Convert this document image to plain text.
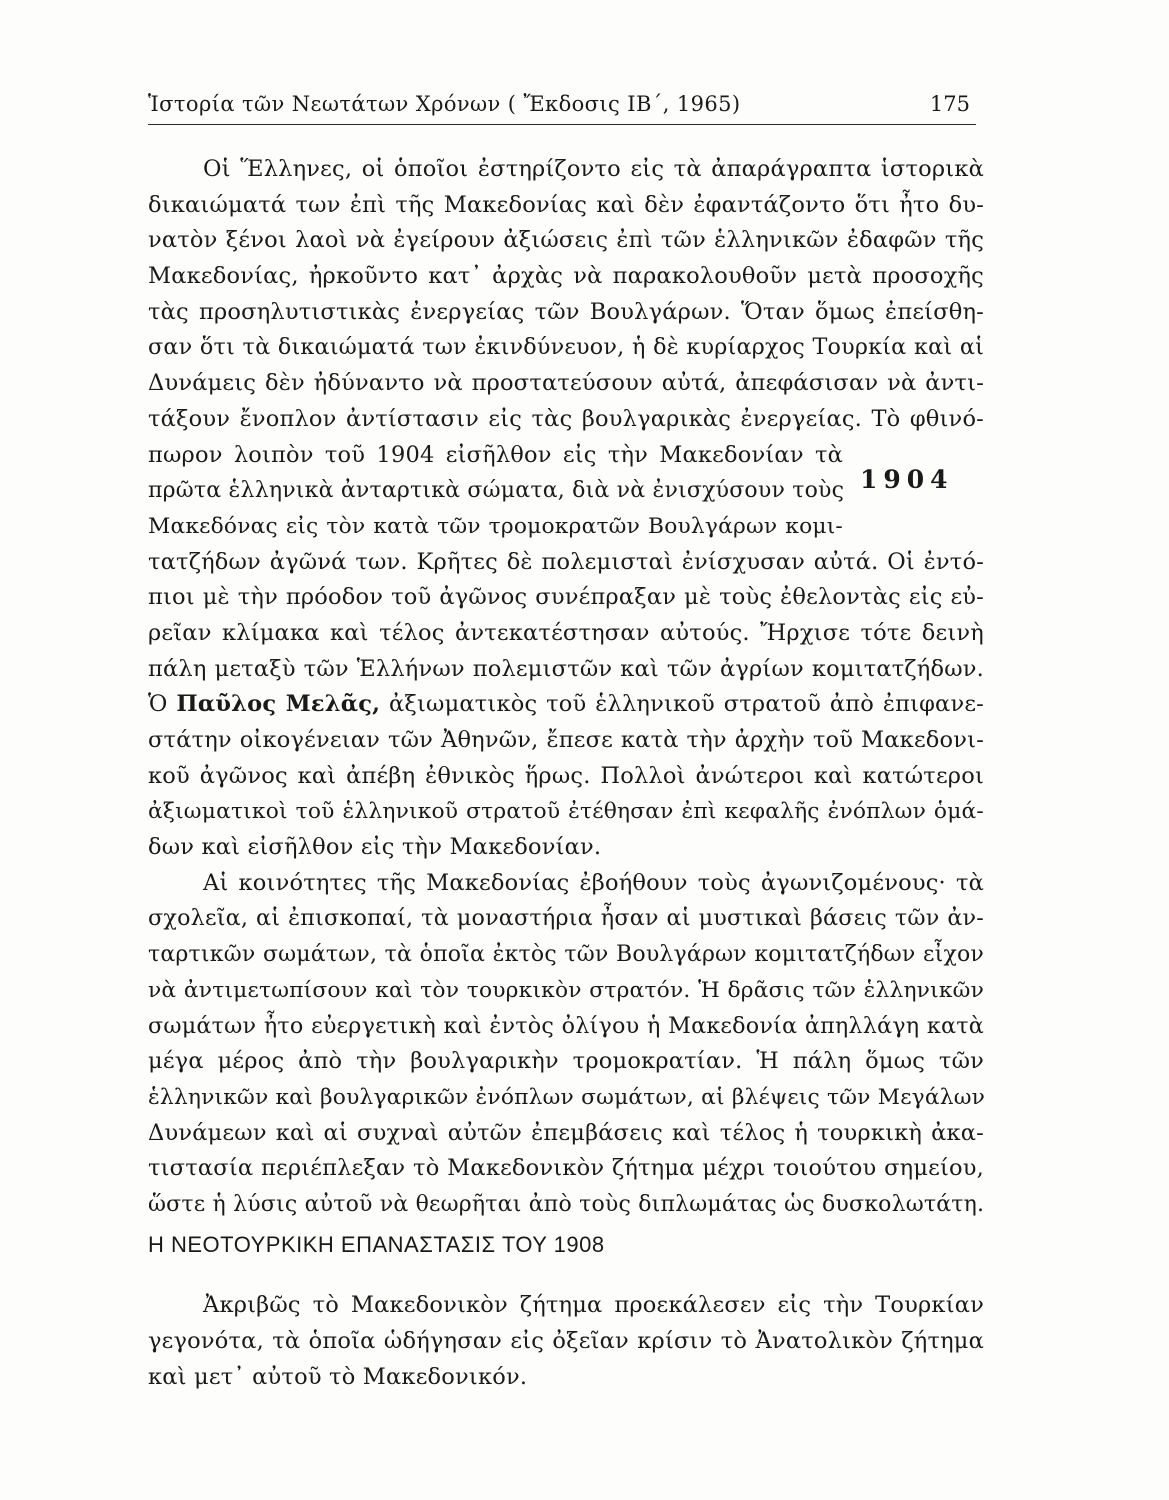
Ἱστορία τῶν Νεωτάτων Χρόνων ( Ἔκδοσις ΙΒ΄, 1965)	175
1904
Οἱ Ἕλληνες, οἱ ὁποῖοι ἐστηρίζοντο εἰς τὰ ἀπαράγραπτα ἱστορικὰ
δικαιώματά των ἐπὶ τῆς Μακεδονίας καὶ δὲν ἐφαντάζοντο ὅτι ἦτο δυ-
νατὸν ξένοι λαοὶ νὰ ἐγείρουν ἀξιώσεις ἐπὶ τῶν ἑλληνικῶν ἐδαφῶν τῆς
Μακεδονίας, ἠρκοῦντο κατ᾽ ἀρχὰς νὰ παρακολουθοῦν μετὰ προσοχῆς
τὰς προσηλυτιστικὰς ἐνεργείας τῶν Βουλγάρων. Ὅταν ὅμως ἐπείσθη-
σαν ὅτι τὰ δικαιώματά των ἐκινδύνευον, ἡ δὲ κυρίαρχος Τουρκία καὶ αἱ
Δυνάμεις δὲν ἠδύναντο νὰ προστατεύσουν αὐτά, ἀπεφάσισαν νὰ ἀντι-
τάξουν ἔνοπλον ἀντίστασιν εἰς τὰς βουλγαρικὰς ἐνεργείας. Τὸ φθινό-
πωρον λοιπὸν τοῦ 1904 εἰσῆλθον εἰς τὴν Μακεδονίαν τὰ
πρῶτα ἑλληνικὰ ἀνταρτικὰ σώματα, διὰ νὰ ἐνισχύσουν τοὺς
Μακεδόνας εἰς τὸν κατὰ τῶν τρομοκρατῶν Βουλγάρων κομι-
τατζήδων ἀγῶνά των. Κρῆτες δὲ πολεμισταὶ ἐνίσχυσαν αὐτά. Οἱ ἐντό-
πιοι μὲ τὴν πρόοδον τοῦ ἀγῶνος συνέπραξαν μὲ τοὺς ἐθελοντὰς εἰς εὐ-
ρεῖαν κλίμακα καὶ τέλος ἀντεκατέστησαν αὐτούς. Ἤρχισε τότε δεινὴ
πάλη μεταξὺ τῶν Ἑλλήνων πολεμιστῶν καὶ τῶν ἀγρίων κομιτατζήδων.
Ὁ Παῦλος Μελᾶς, ἀξιωματικὸς τοῦ ἑλληνικοῦ στρατοῦ ἀπὸ ἐπιφανε-
στάτην οἰκογένειαν τῶν Ἀθηνῶν, ἔπεσε κατὰ τὴν ἀρχὴν τοῦ Μακεδονι-
κοῦ ἀγῶνος καὶ ἀπέβη ἐθνικὸς ἥρως. Πολλοὶ ἀνώτεροι καὶ κατώτεροι
ἀξιωματικοὶ τοῦ ἑλληνικοῦ στρατοῦ ἐτέθησαν ἐπὶ κεφαλῆς ἐνόπλων ὁμά-
δων καὶ εἰσῆλθον εἰς τὴν Μακεδονίαν.
Αἱ κοινότητες τῆς Μακεδονίας ἐβοήθουν τοὺς ἀγωνιζομένους· τὰ
σχολεῖα, αἱ ἐπισκοπαί, τὰ μοναστήρια ἦσαν αἱ μυστικαὶ βάσεις τῶν ἀν-
ταρτικῶν σωμάτων, τὰ ὁποῖα ἐκτὸς τῶν Βουλγάρων κομιτατζήδων εἶχον
νὰ ἀντιμετωπίσουν καὶ τὸν τουρκικὸν στρατόν. Ἡ δρᾶσις τῶν ἑλληνικῶν
σωμάτων ἦτο εὐεργετικὴ καὶ ἐντὸς ὀλίγου ἡ Μακεδονία ἀπηλλάγη κατὰ
μέγα μέρος ἀπὸ τὴν βουλγαρικὴν τρομοκρατίαν. Ἡ πάλη ὅμως τῶν
ἑλληνικῶν καὶ βουλγαρικῶν ἐνόπλων σωμάτων, αἱ βλέψεις τῶν Μεγάλων
Δυνάμεων καὶ αἱ συχναὶ αὐτῶν ἐπεμβάσεις καὶ τέλος ἡ τουρκικὴ ἀκα-
τιστασία περιέπλεξαν τὸ Μακεδονικὸν ζήτημα μέχρι τοιούτου σημείου,
ὥστε ἡ λύσις αὐτοῦ νὰ θεωρῆται ἀπὸ τοὺς διπλωμάτας ὡς δυσκολωτάτη.
Η ΝΕΟΤΟΥΡΚΙΚΗ ΕΠΑΝΑΣΤΑΣΙΣ ΤΟΥ 1908
Ἀκριβῶς τὸ Μακεδονικὸν ζήτημα προεκάλεσεν εἰς τὴν Τουρκίαν
γεγονότα, τὰ ὁποῖα ὡδήγησαν εἰς ὀξεῖαν κρίσιν τὸ Ἀνατολικὸν ζήτημα
καὶ μετ᾽ αὐτοῦ τὸ Μακεδονικόν.
